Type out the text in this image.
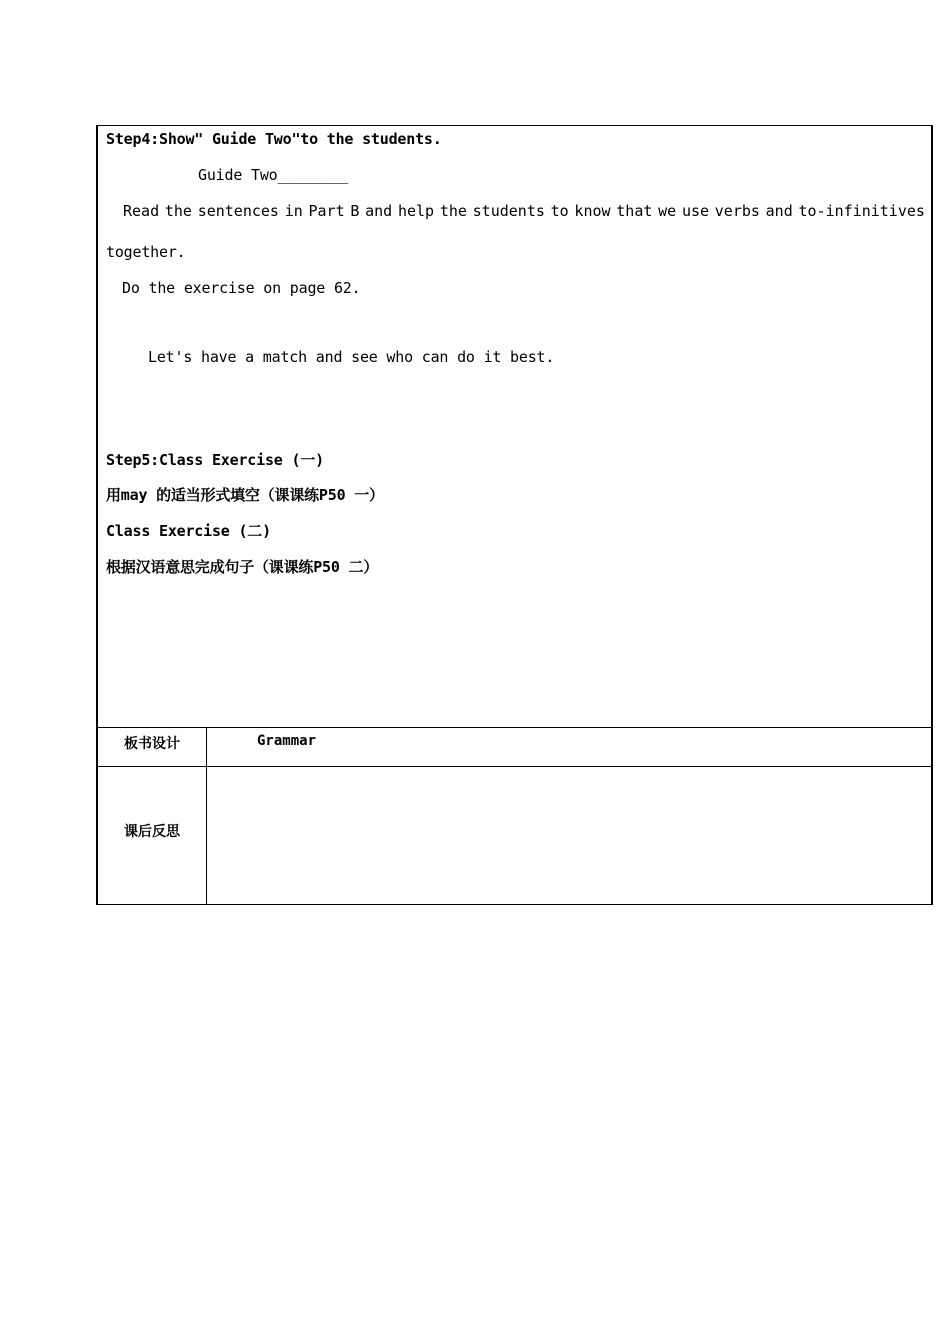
Step4:Show" Guide Two"to the students.
Guide Two________
Read the sentences in Part B and help the students to know that we use verbs and to-infinitives
together.
Do the exercise on page 62.
Let's have a match and see who can do it best.
Step5:Class Exercise (一)
用may 的适当形式填空（课课练P50 一）
Class Exercise (二)
根据汉语意思完成句子（课课练P50 二）
板书设计	Grammar
课后反思
